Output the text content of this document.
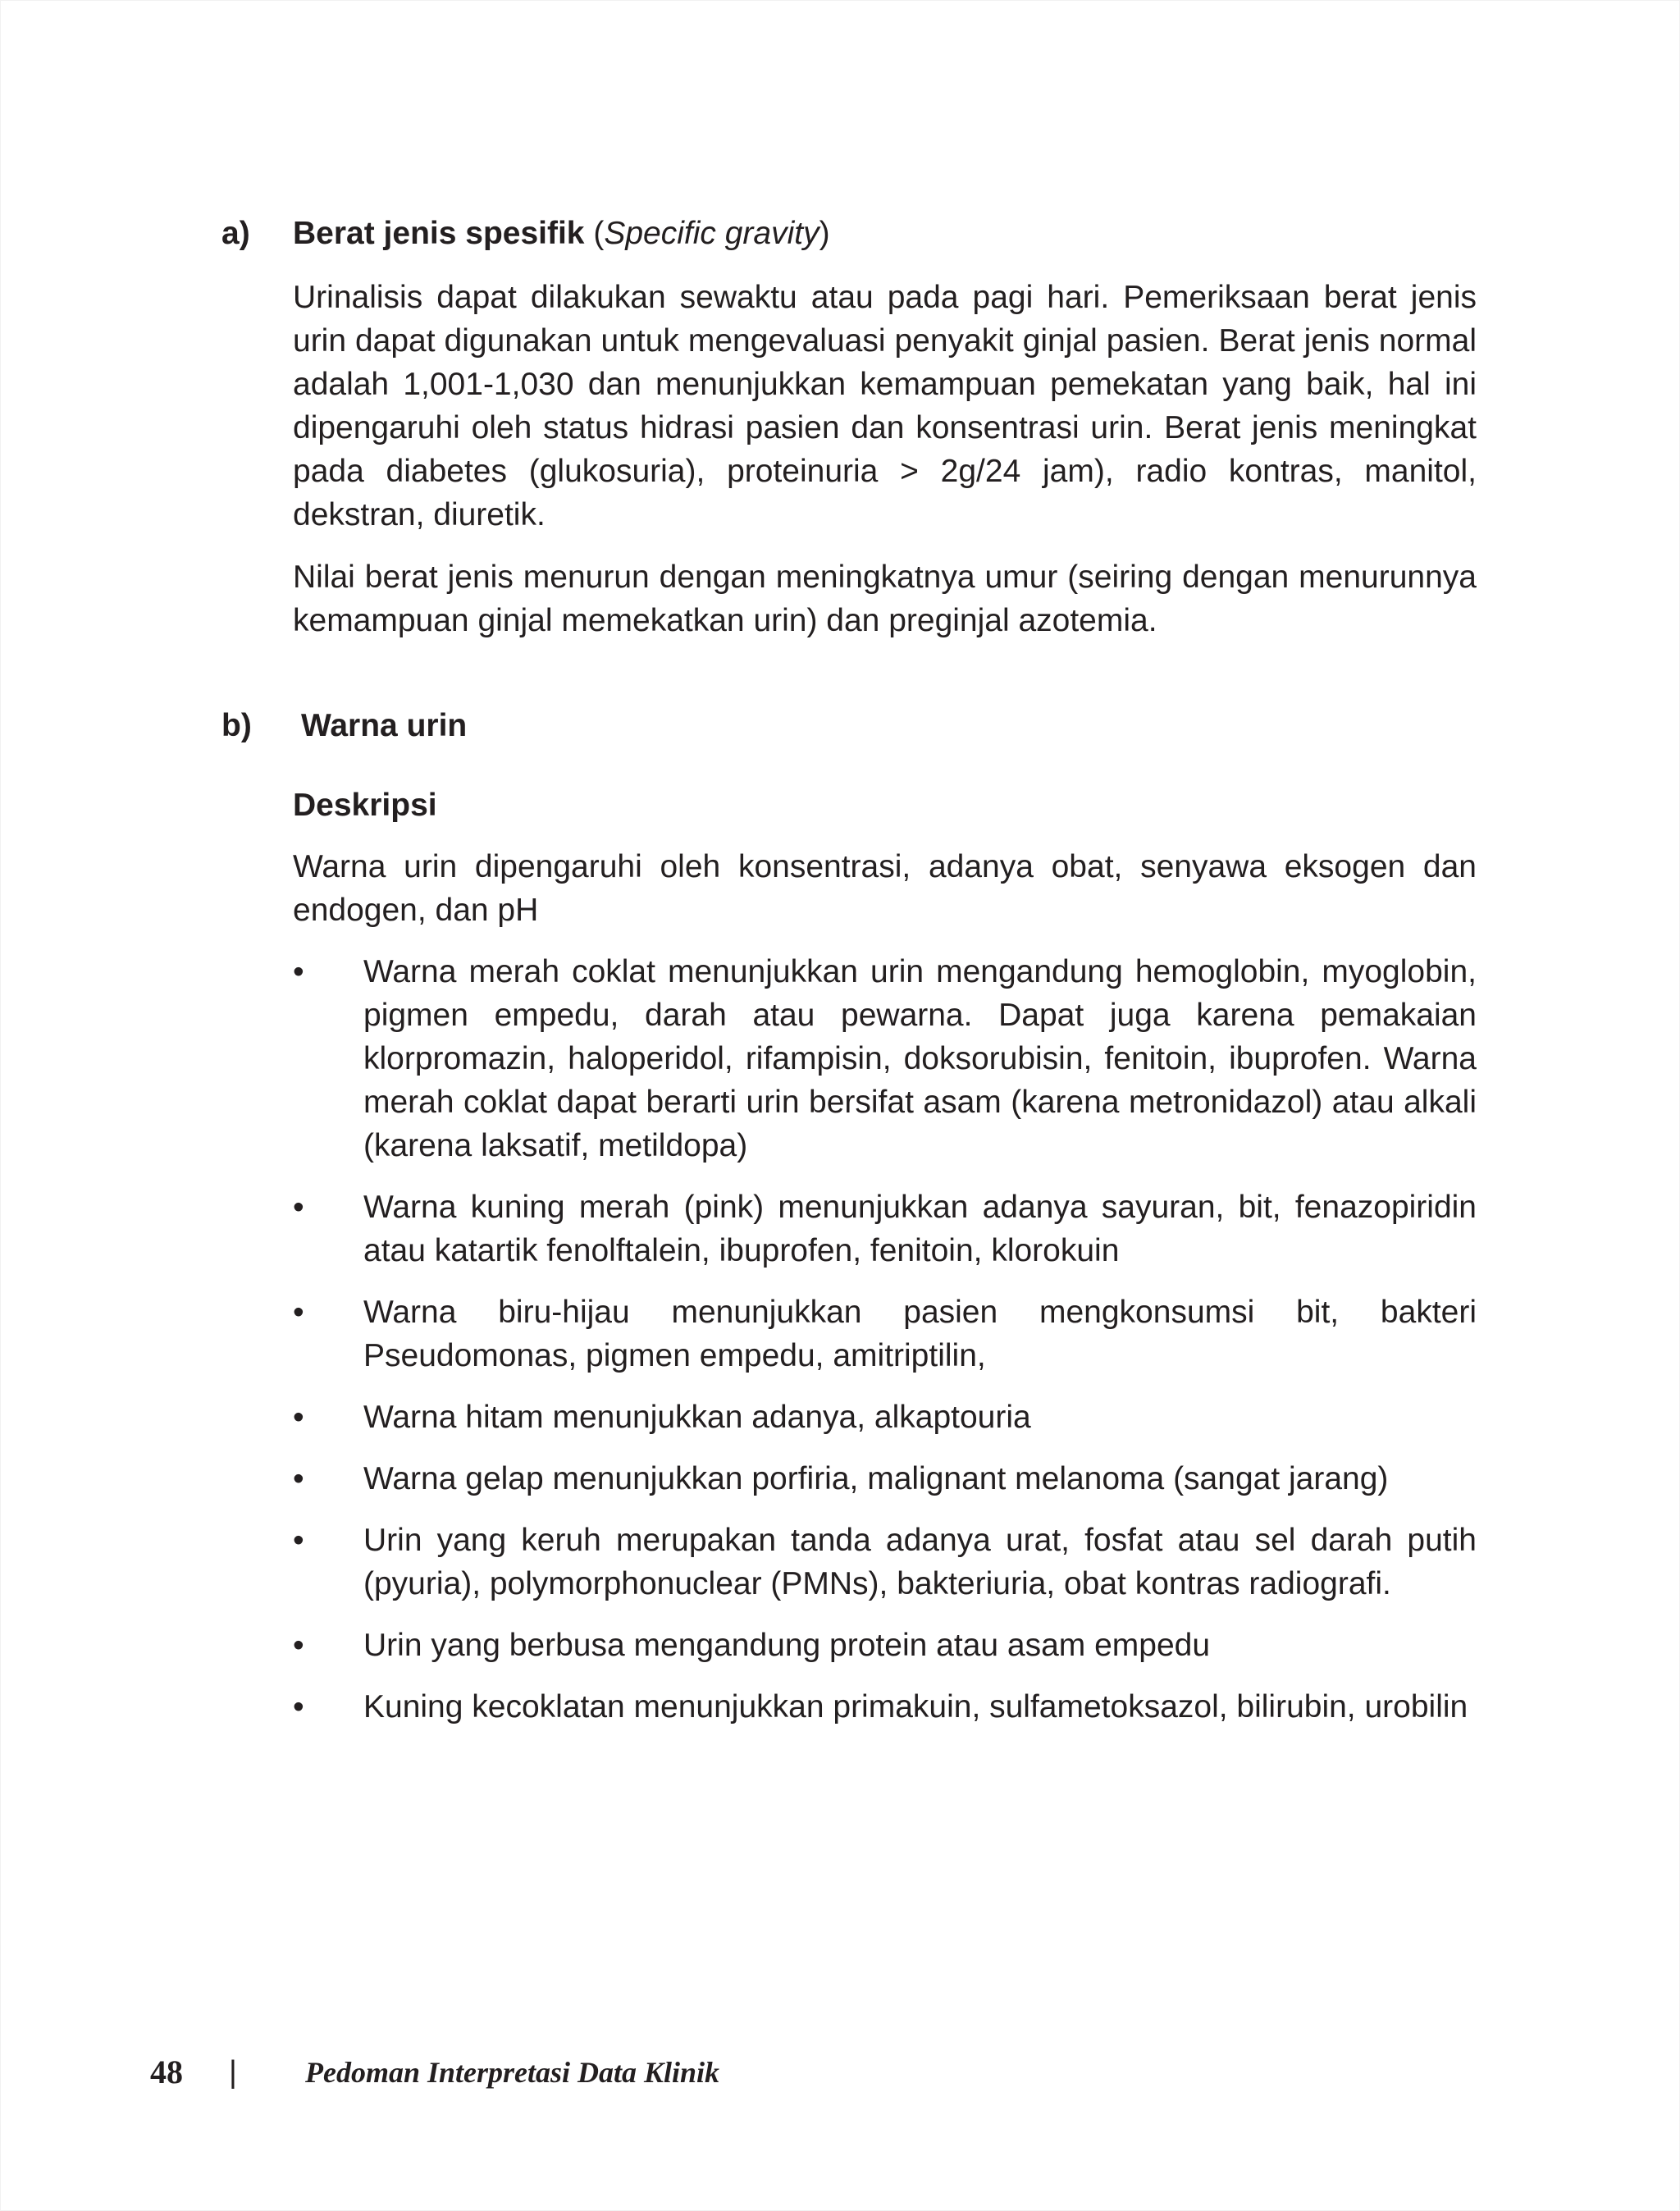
a) Berat jenis spesifik (Specific gravity)

Urinalisis dapat dilakukan sewaktu atau pada pagi hari. Pemeriksaan berat jenis urin dapat digunakan untuk mengevaluasi penyakit ginjal pasien. Berat jenis normal adalah 1,001-1,030 dan menunjukkan kemampuan pemekatan yang baik, hal ini dipengaruhi oleh status hidrasi pasien dan konsentrasi urin. Berat jenis meningkat pada diabetes (glukosuria), proteinuria > 2g/24 jam), radio kontras, manitol, dekstran, diuretik.

Nilai berat jenis menurun dengan meningkatnya umur (seiring dengan menurunnya kemampuan ginjal memekatkan urin) dan preginjal azotemia.

b) Warna urin

Deskripsi

Warna urin dipengaruhi oleh konsentrasi, adanya obat, senyawa eksogen dan endogen, dan pH

•	Warna merah coklat menunjukkan urin mengandung hemoglobin, myoglobin, pigmen empedu, darah atau pewarna. Dapat juga karena pemakaian klorpromazin, haloperidol, rifampisin, doksorubisin, fenitoin, ibuprofen. Warna merah coklat dapat berarti urin bersifat asam (karena metronidazol) atau alkali (karena laksatif, metildopa)
•	Warna kuning merah (pink) menunjukkan adanya sayuran, bit, fenazopiridin atau katartik fenolftalein, ibuprofen, fenitoin, klorokuin
•	Warna biru-hijau menunjukkan pasien mengkonsumsi bit, bakteri Pseudomonas, pigmen empedu, amitriptilin,
•	Warna hitam menunjukkan adanya, alkaptouria
•	Warna gelap menunjukkan porfiria, malignant melanoma (sangat jarang)
•	Urin yang keruh merupakan tanda adanya urat, fosfat atau sel darah putih (pyuria), polymorphonuclear (PMNs), bakteriuria, obat kontras radiografi.
•	Urin yang berbusa mengandung protein atau asam empedu
•	Kuning kecoklatan menunjukkan primakuin, sulfametoksazol, bilirubin, urobilin
48 | Pedoman Interpretasi Data Klinik
